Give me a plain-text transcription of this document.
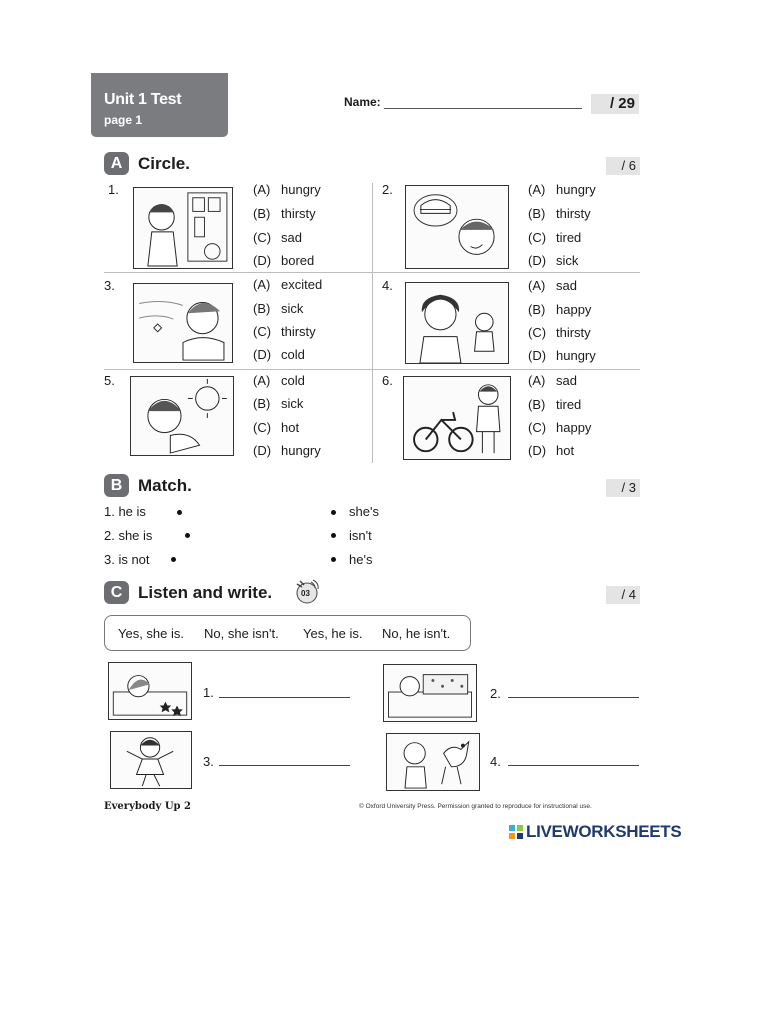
Unit 1 Test
page 1
Name:	/ 29
A Circle.	/ 6
1.	(A) hungry
(B) thirsty
(C) sad
(D) bored
2.	(A) hungry
(B) thirsty
(C) tired
(D) sick
3.	(A) excited
(B) sick
(C) thirsty
(D) cold
4.	(A) sad
(B) happy
(C) thirsty
(D) hungry
5.	(A) cold
(B) sick
(C) hot
(D) hungry
6.	(A) sad
(B) tired
(C) happy
(D) hot
B Match.	/ 3
1. he is
2. she is
3. is not
she's
isn't
he's
C Listen and write.	03	/ 4
Yes, she is. No, she isn't. Yes, he is. No, he isn't.
1.	2.
3.	4.
Everybody Up 2	© Oxford University Press. Permission granted to reproduce for instructional use.
LIVEWORKSHEETS
